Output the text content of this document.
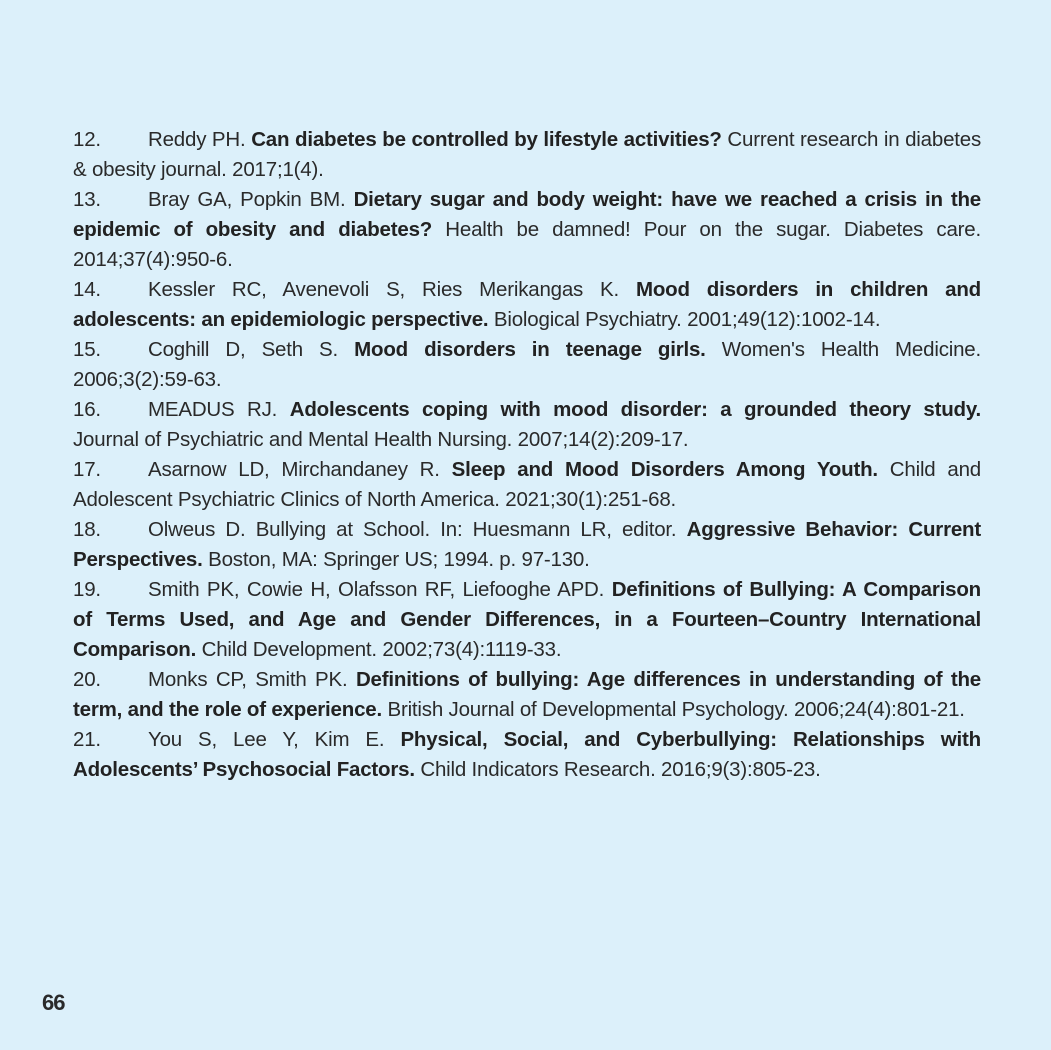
12. Reddy PH. Can diabetes be controlled by lifestyle activities? Current research in diabetes & obesity journal. 2017;1(4).

13. Bray GA, Popkin BM. Dietary sugar and body weight: have we reached a crisis in the epidemic of obesity and diabetes? Health be damned! Pour on the sugar. Diabetes care. 2014;37(4):950-6.

14. Kessler RC, Avenevoli S, Ries Merikangas K. Mood disorders in children and adolescents: an epidemiologic perspective. Biological Psychiatry. 2001;49(12):1002-14.

15. Coghill D, Seth S. Mood disorders in teenage girls. Women's Health Medicine. 2006;3(2):59-63.

16. MEADUS RJ. Adolescents coping with mood disorder: a grounded theory study. Journal of Psychiatric and Mental Health Nursing. 2007;14(2):209-17.

17. Asarnow LD, Mirchandaney R. Sleep and Mood Disorders Among Youth. Child and Adolescent Psychiatric Clinics of North America. 2021;30(1):251-68.

18. Olweus D. Bullying at School. In: Huesmann LR, editor. Aggressive Behavior: Current Perspectives. Boston, MA: Springer US; 1994. p. 97-130.

19. Smith PK, Cowie H, Olafsson RF, Liefooghe APD. Definitions of Bullying: A Comparison of Terms Used, and Age and Gender Differences, in a Fourteen–Country International Comparison. Child Development. 2002;73(4):1119-33.

20. Monks CP, Smith PK. Definitions of bullying: Age differences in understanding of the term, and the role of experience. British Journal of Developmental Psychology. 2006;24(4):801-21.

21. You S, Lee Y, Kim E. Physical, Social, and Cyberbullying: Relationships with Adolescents’ Psychosocial Factors. Child Indicators Research. 2016;9(3):805-23.

66
